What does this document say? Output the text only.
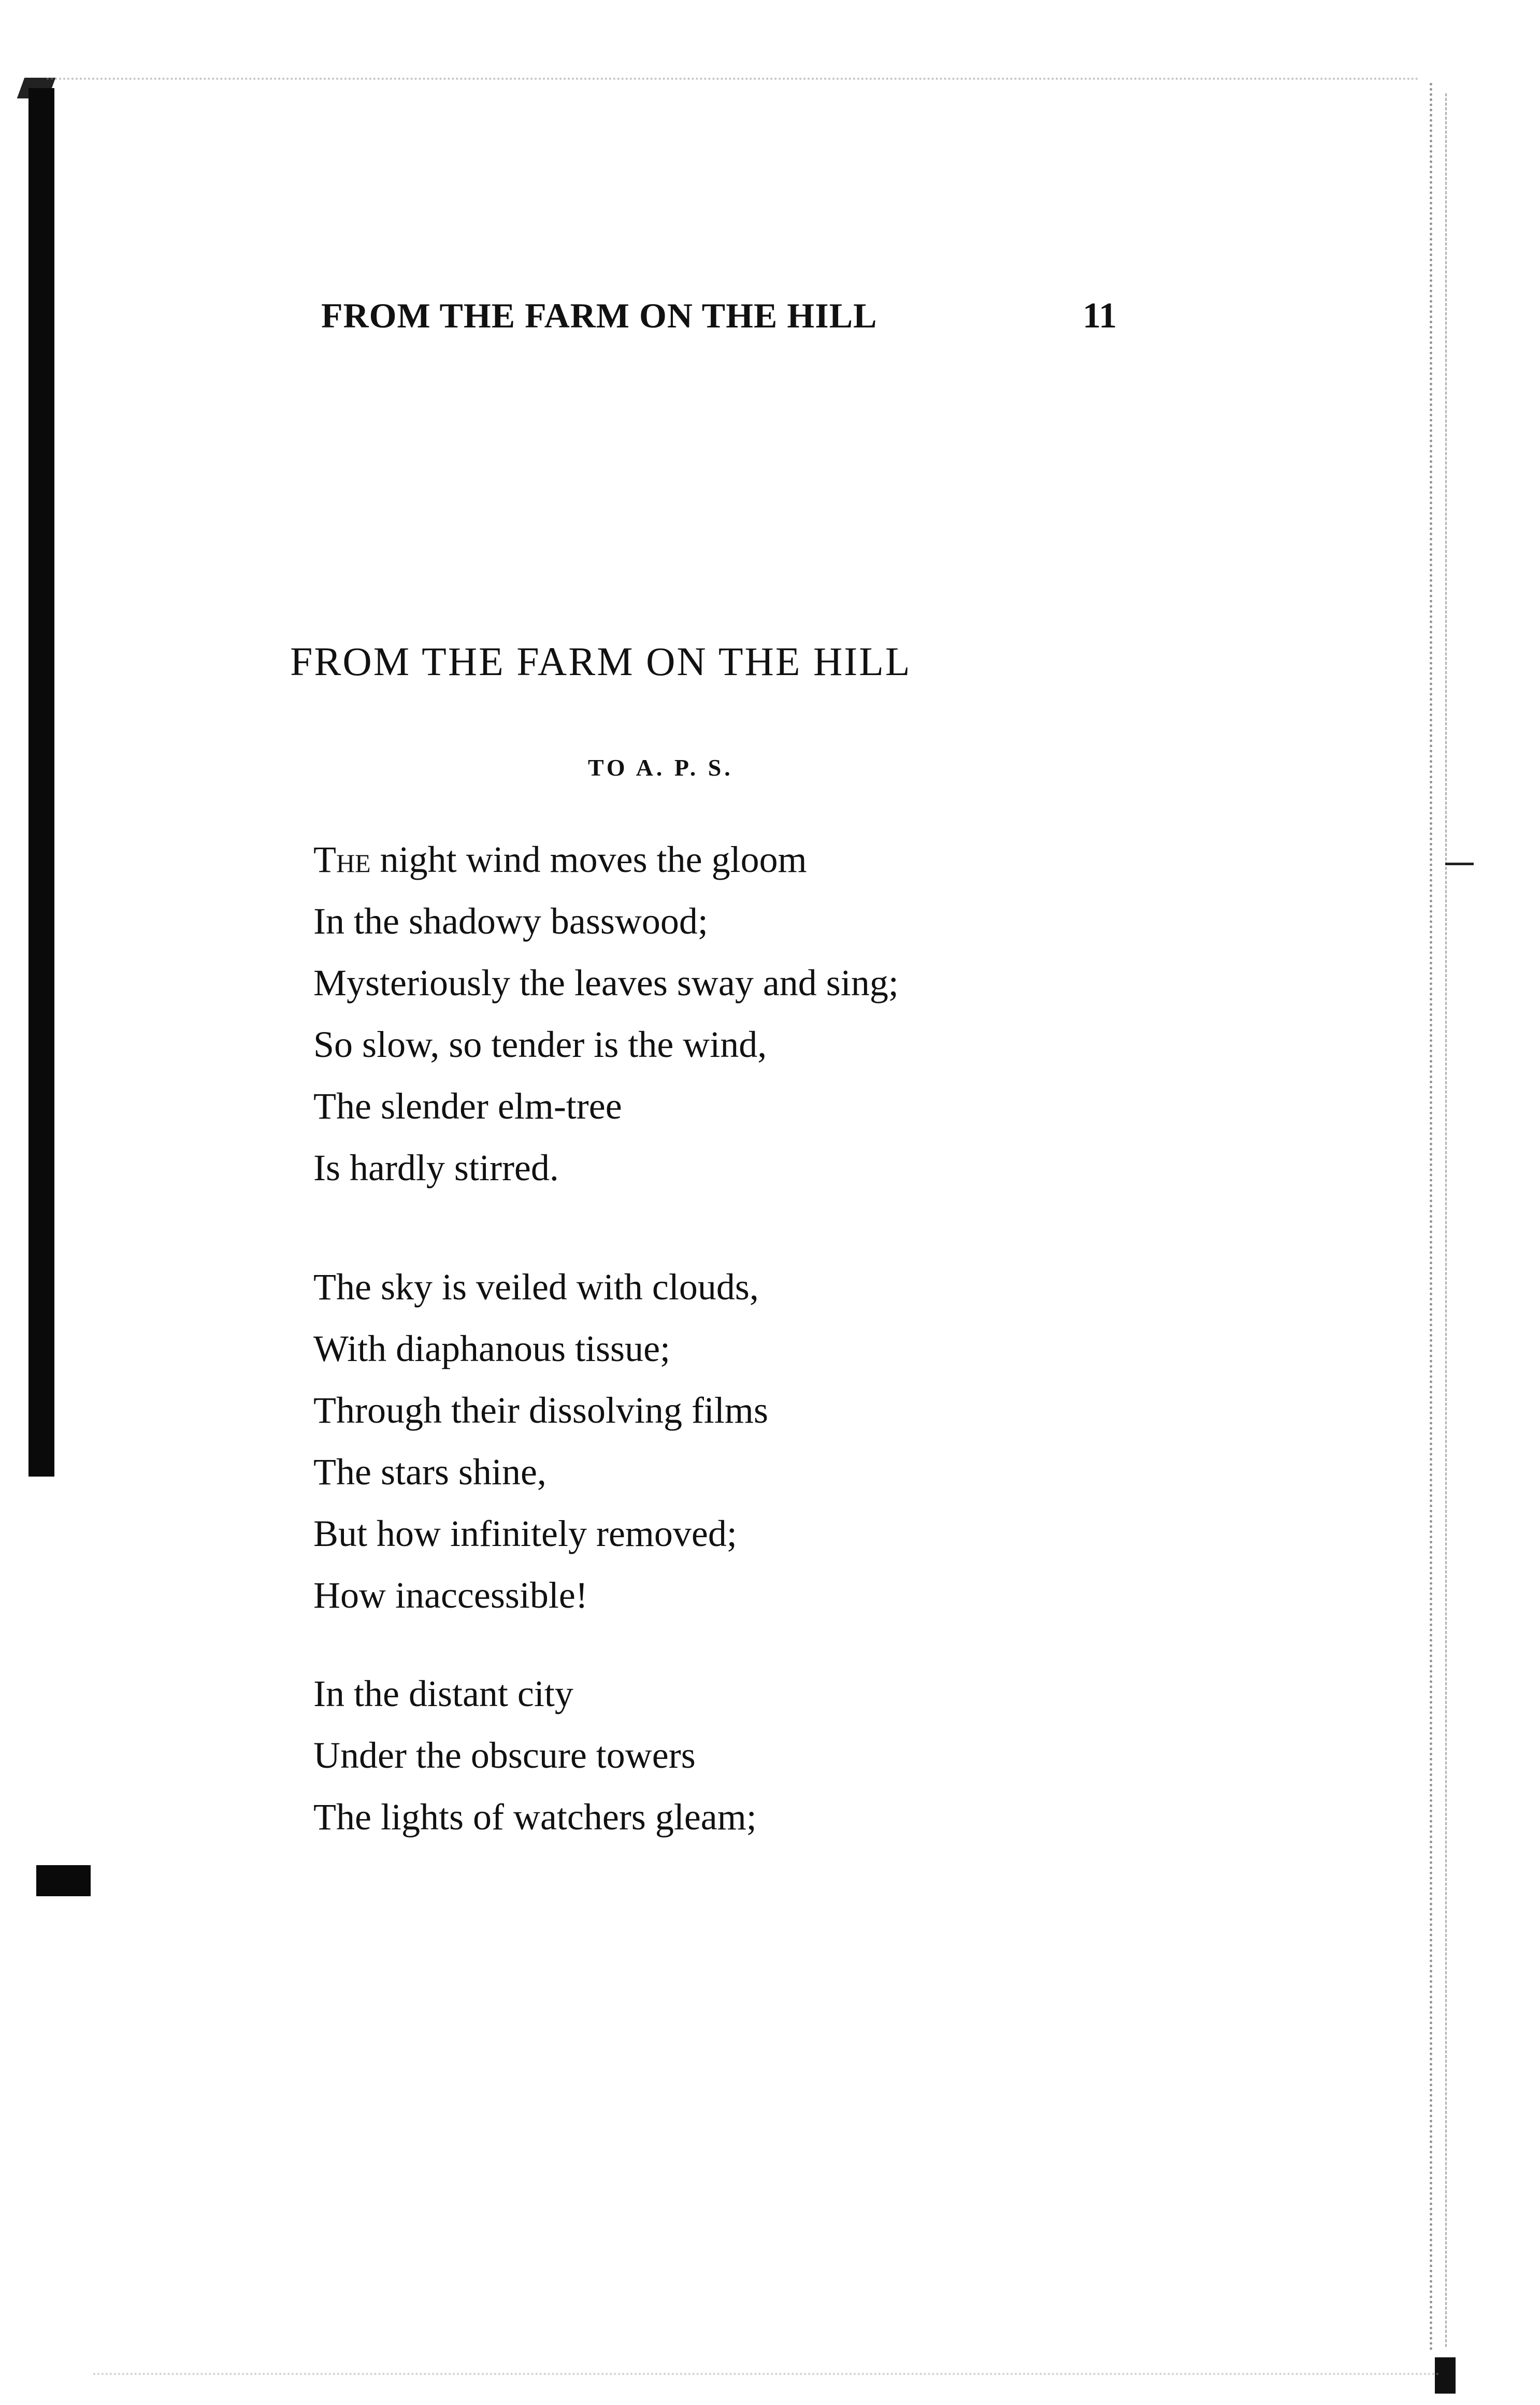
FROM THE FARM ON THE HILL	11
FROM THE FARM ON THE HILL
TO A. P. S.
The night wind moves the gloom
In the shadowy basswood;
Mysteriously the leaves sway and sing;
So slow, so tender is the wind,
The slender elm-tree
Is hardly stirred.
The sky is veiled with clouds,
With diaphanous tissue;
Through their dissolving films
The stars shine,
But how infinitely removed;
How inaccessible!
In the distant city
Under the obscure towers
The lights of watchers gleam;
